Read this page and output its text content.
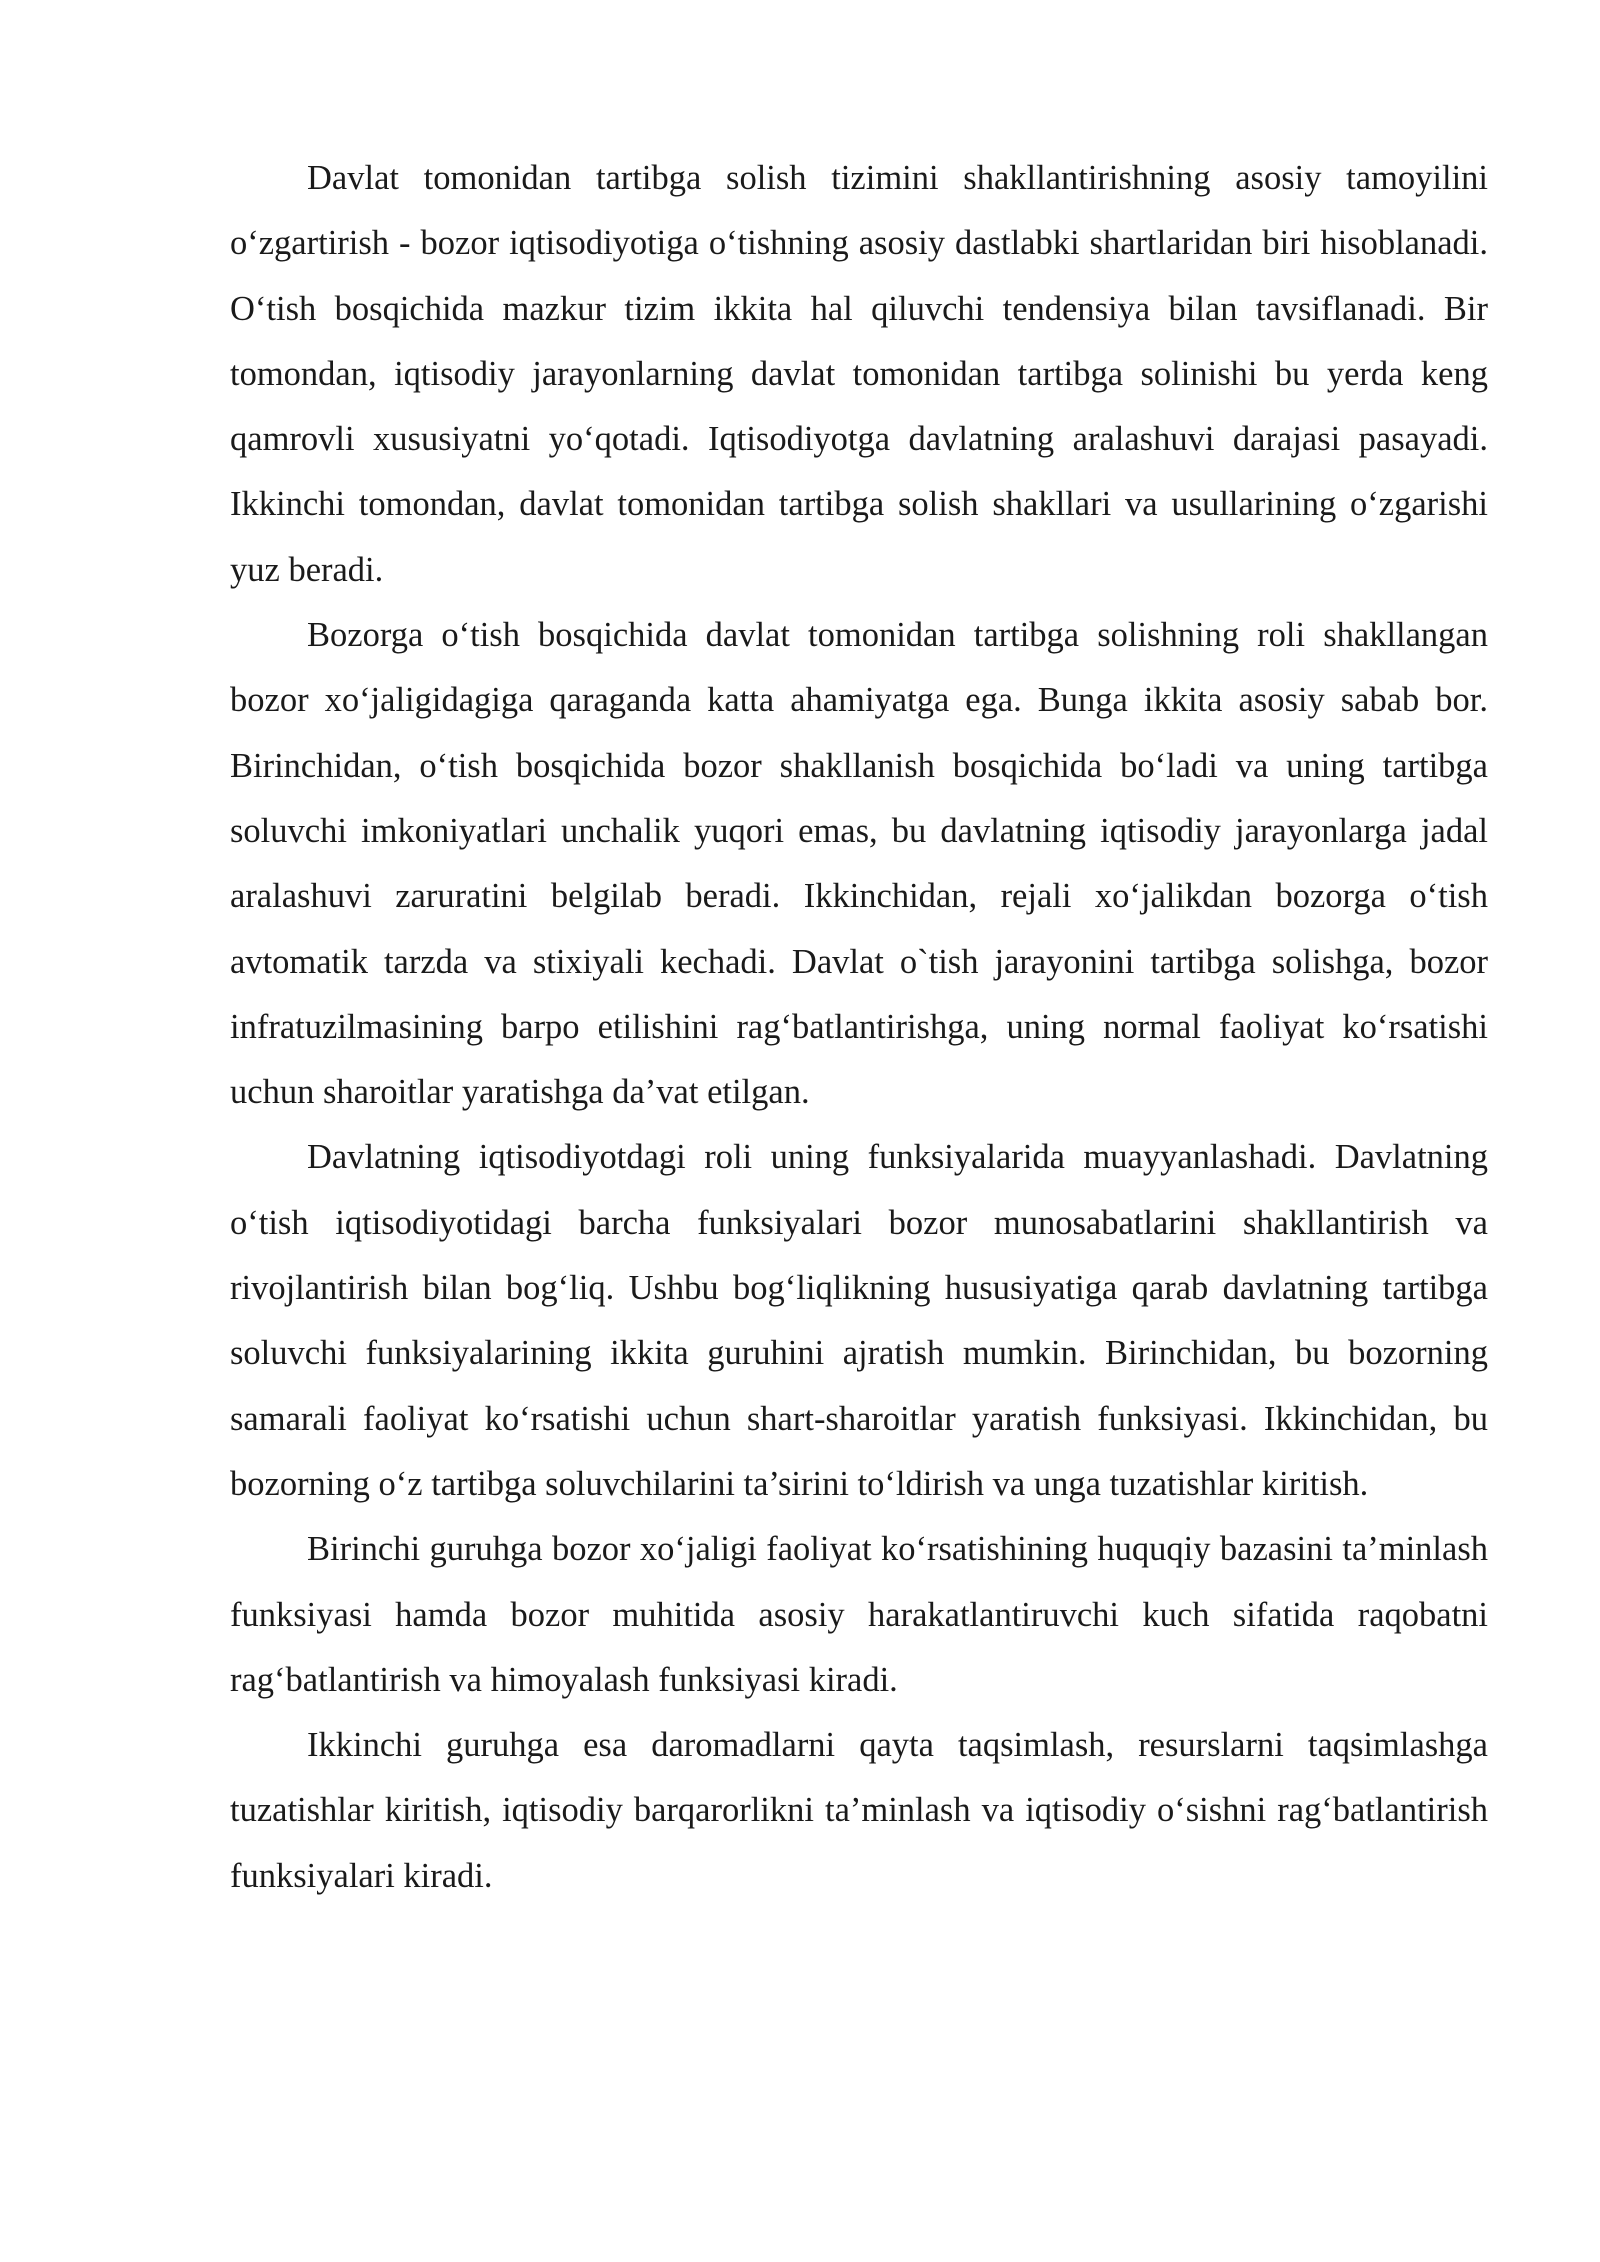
Davlat tomonidan tartibga solish tizimini shakllantirishning asosiy tamoyilini o‘zgartirish - bozor iqtisodiyotiga o‘tishning asosiy dastlabki shartlaridan biri hisoblanadi. O‘tish bosqichida mazkur tizim ikkita hal qiluvchi tendensiya bilan tavsiflanadi. Bir tomondan, iqtisodiy jarayonlarning davlat tomonidan tartibga solinishi bu yerda keng qamrovli xususiyatni yo‘qotadi. Iqtisodiyotga davlatning aralashuvi darajasi pasayadi. Ikkinchi tomondan, davlat tomonidan tartibga solish shakllari va usullarining o‘zgarishi yuz beradi.

Bozorga o‘tish bosqichida davlat tomonidan tartibga solishning roli shakllangan bozor xo‘jaligidagiga qaraganda katta ahamiyatga ega. Bunga ikkita asosiy sabab bor. Birinchidan, o‘tish bosqichida bozor shakllanish bosqichida bo‘ladi va uning tartibga soluvchi imkoniyatlari unchalik yuqori emas, bu davlatning iqtisodiy jarayonlarga jadal aralashuvi zaruratini belgilab beradi. Ikkinchidan, rejali xo‘jalikdan bozorga o‘tish avtomatik tarzda va stixiyali kechadi. Davlat o`tish jarayonini tartibga solishga, bozor infratuzilmasining barpo etilishini rag‘batlantirishga, uning normal faoliyat ko‘rsatishi uchun sharoitlar yaratishga da’vat etilgan.

Davlatning iqtisodiyotdagi roli uning funksiyalarida muayyanlashadi. Davlatning o‘tish iqtisodiyotidagi barcha funksiyalari bozor munosabatlarini shakllantirish va rivojlantirish bilan bog‘liq. Ushbu bog‘liqlikning hususiyatiga qarab davlatning tartibga soluvchi funksiyalarining ikkita guruhini ajratish mumkin. Birinchidan, bu bozorning samarali faoliyat ko‘rsatishi uchun shart-sharoitlar yaratish funksiyasi. Ikkinchidan, bu bozorning o‘z tartibga soluvchilarini ta’sirini to‘ldirish va unga tuzatishlar kiritish.

Birinchi guruhga bozor xo‘jaligi faoliyat ko‘rsatishining huquqiy bazasini ta’minlash funksiyasi hamda bozor muhitida asosiy harakatlantiruvchi kuch sifatida raqobatni rag‘batlantirish va himoyalash funksiyasi kiradi.

Ikkinchi guruhga esa daromadlarni qayta taqsimlash, resurslarni taqsimlashga tuzatishlar kiritish, iqtisodiy barqarorlikni ta’minlash va iqtisodiy o‘sishni rag‘batlantirish funksiyalari kiradi.
